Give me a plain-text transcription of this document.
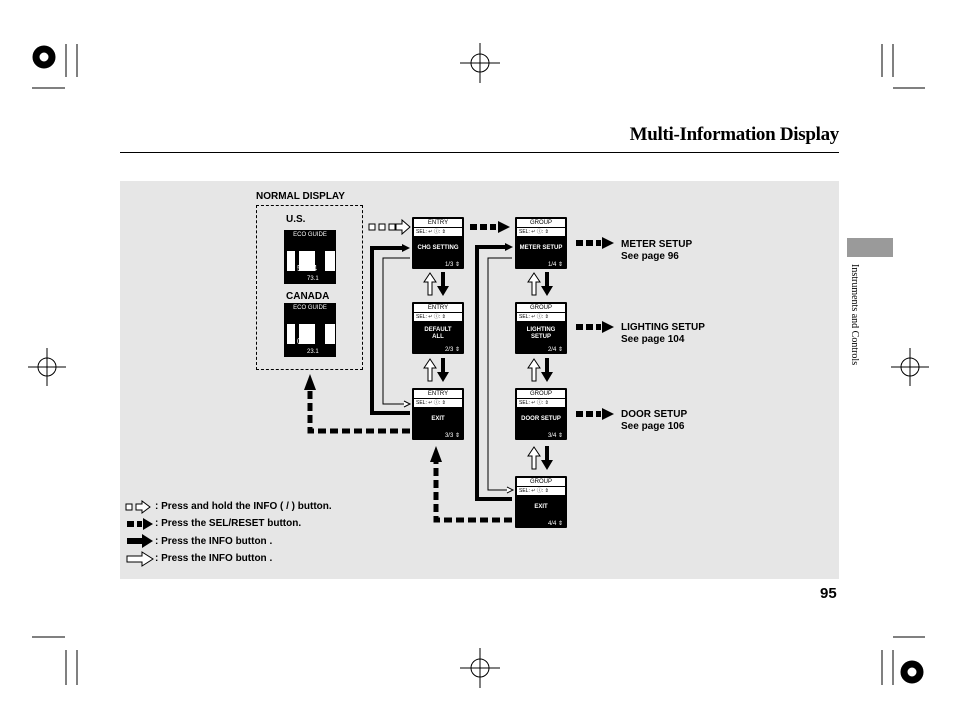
Multi-Information Display
Instruments and Controls
NORMAL DISPLAY
U.S.
CANADA
ECO GUIDE
A 525.4
73.1
ECO GUIDE
B 0.0
23.1
ENTRY
SEL: ↵ ⓘ: ⇕
CHG SETTING
1/3 ⇕
ENTRY
SEL: ↵ ⓘ: ⇕
DEFAULT
ALL
2/3 ⇕
ENTRY
SEL: ↵ ⓘ: ⇕
EXIT
3/3 ⇕
GROUP
SEL: ↵ ⓘ: ⇕
METER SETUP
1/4 ⇕
GROUP
SEL: ↵ ⓘ: ⇕
LIGHTING
SETUP
2/4 ⇕
GROUP
SEL: ↵ ⓘ: ⇕
DOOR SETUP
3/4 ⇕
GROUP
SEL: ↵ ⓘ: ⇕
EXIT
4/4 ⇕
METER SETUP
See page 96
LIGHTING SETUP
See page 104
DOOR SETUP
See page 106
: Press and hold the INFO ( / ) button.
: Press the SEL/RESET button.
: Press the INFO button .
: Press the INFO button .
95
